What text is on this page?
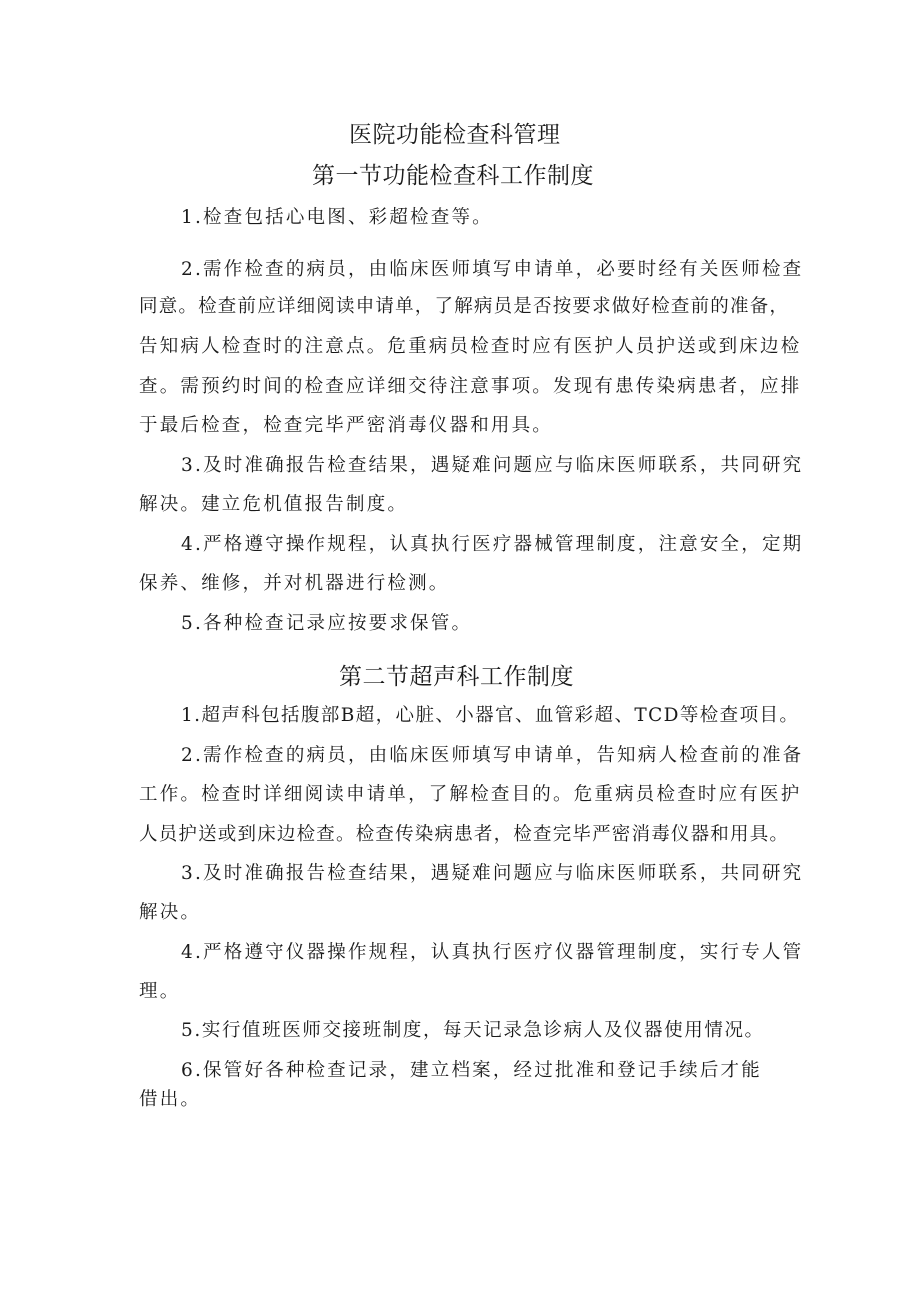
医院功能检查科管理
第一节功能检查科工作制度
1.检查包括心电图、彩超检查等。
2.需作检查的病员，由临床医师填写申请单，必要时经有关医师检查
同意。检查前应详细阅读申请单，了解病员是否按要求做好检查前的准备，
告知病人检查时的注意点。危重病员检查时应有医护人员护送或到床边检
查。需预约时间的检查应详细交待注意事项。发现有患传染病患者，应排
于最后检查，检查完毕严密消毒仪器和用具。
3.及时准确报告检查结果，遇疑难问题应与临床医师联系，共同研究
解决。建立危机值报告制度。
4.严格遵守操作规程，认真执行医疗器械管理制度，注意安全，定期
保养、维修，并对机器进行检测。
5.各种检查记录应按要求保管。
第二节超声科工作制度
1.超声科包括腹部B超，心脏、小器官、血管彩超、TCD等检查项目。
2.需作检查的病员，由临床医师填写申请单，告知病人检查前的准备
工作。检查时详细阅读申请单，了解检查目的。危重病员检查时应有医护
人员护送或到床边检查。检查传染病患者，检查完毕严密消毒仪器和用具。
3.及时准确报告检查结果，遇疑难问题应与临床医师联系，共同研究
解决。
4.严格遵守仪器操作规程，认真执行医疗仪器管理制度，实行专人管
理。
5.实行值班医师交接班制度，每天记录急诊病人及仪器使用情况。
6.保管好各种检查记录，建立档案，经过批准和登记手续后才能
借出。
